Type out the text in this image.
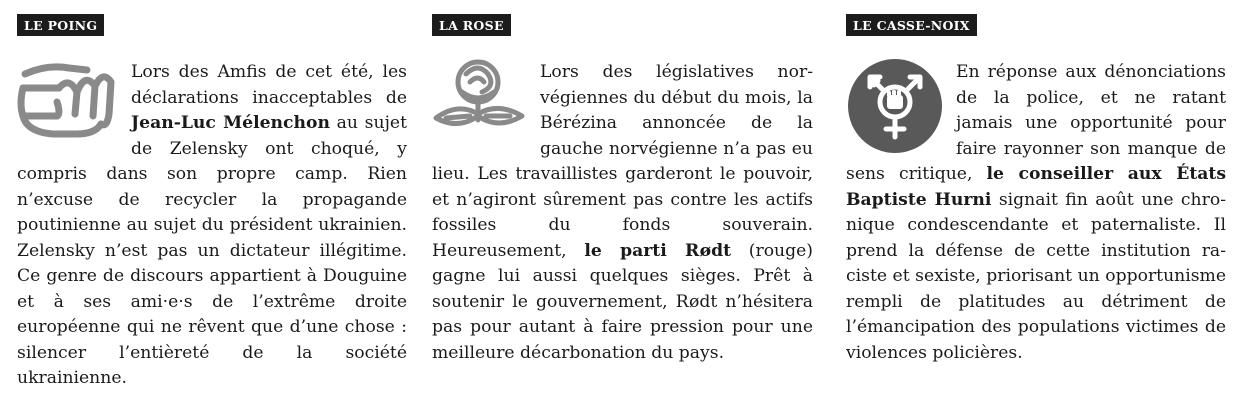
LE POING
Lors des Amfis de cet été, les déclarations inacceptables de Jean-Luc Mélenchon au sujet de Zelensky ont choqué, y compris dans son propre camp. Rien n’excuse de recycler la propagande poutinienne au sujet du président ukrainien. Zelensky n’est pas un dictateur illégitime. Ce genre de discours appartient à Douguine et à ses ami·e·s de l’extrême droite européenne qui ne rêvent que d’une chose : silencer l’entièreté de la société ukrainienne.
LA ROSE
Lors des législatives norvégiennes du début du mois, la Bérézina annoncée de la gauche norvégienne n’a pas eu lieu. Les travaillistes garderont le pouvoir, et n’agiront sûrement pas contre les actifs fossiles du fonds souverain. Heureusement, le parti Rødt (rouge) gagne lui aussi quelques sièges. Prêt à soutenir le gouvernement, Rødt n’hésitera pas pour autant à faire pression pour une meilleure décarbonation du pays.
LE CASSE-NOIX
En réponse aux dénonciations de la police, et ne ratant jamais une opportunité pour faire rayonner son manque de sens critique, le conseiller aux États Baptiste Hurni signait fin août une chronique condescendante et paternaliste. Il prend la défense de cette institution raciste et sexiste, priorisant un opportunisme rempli de platitudes au détriment de l’émancipation des populations victimes de violences policières.
